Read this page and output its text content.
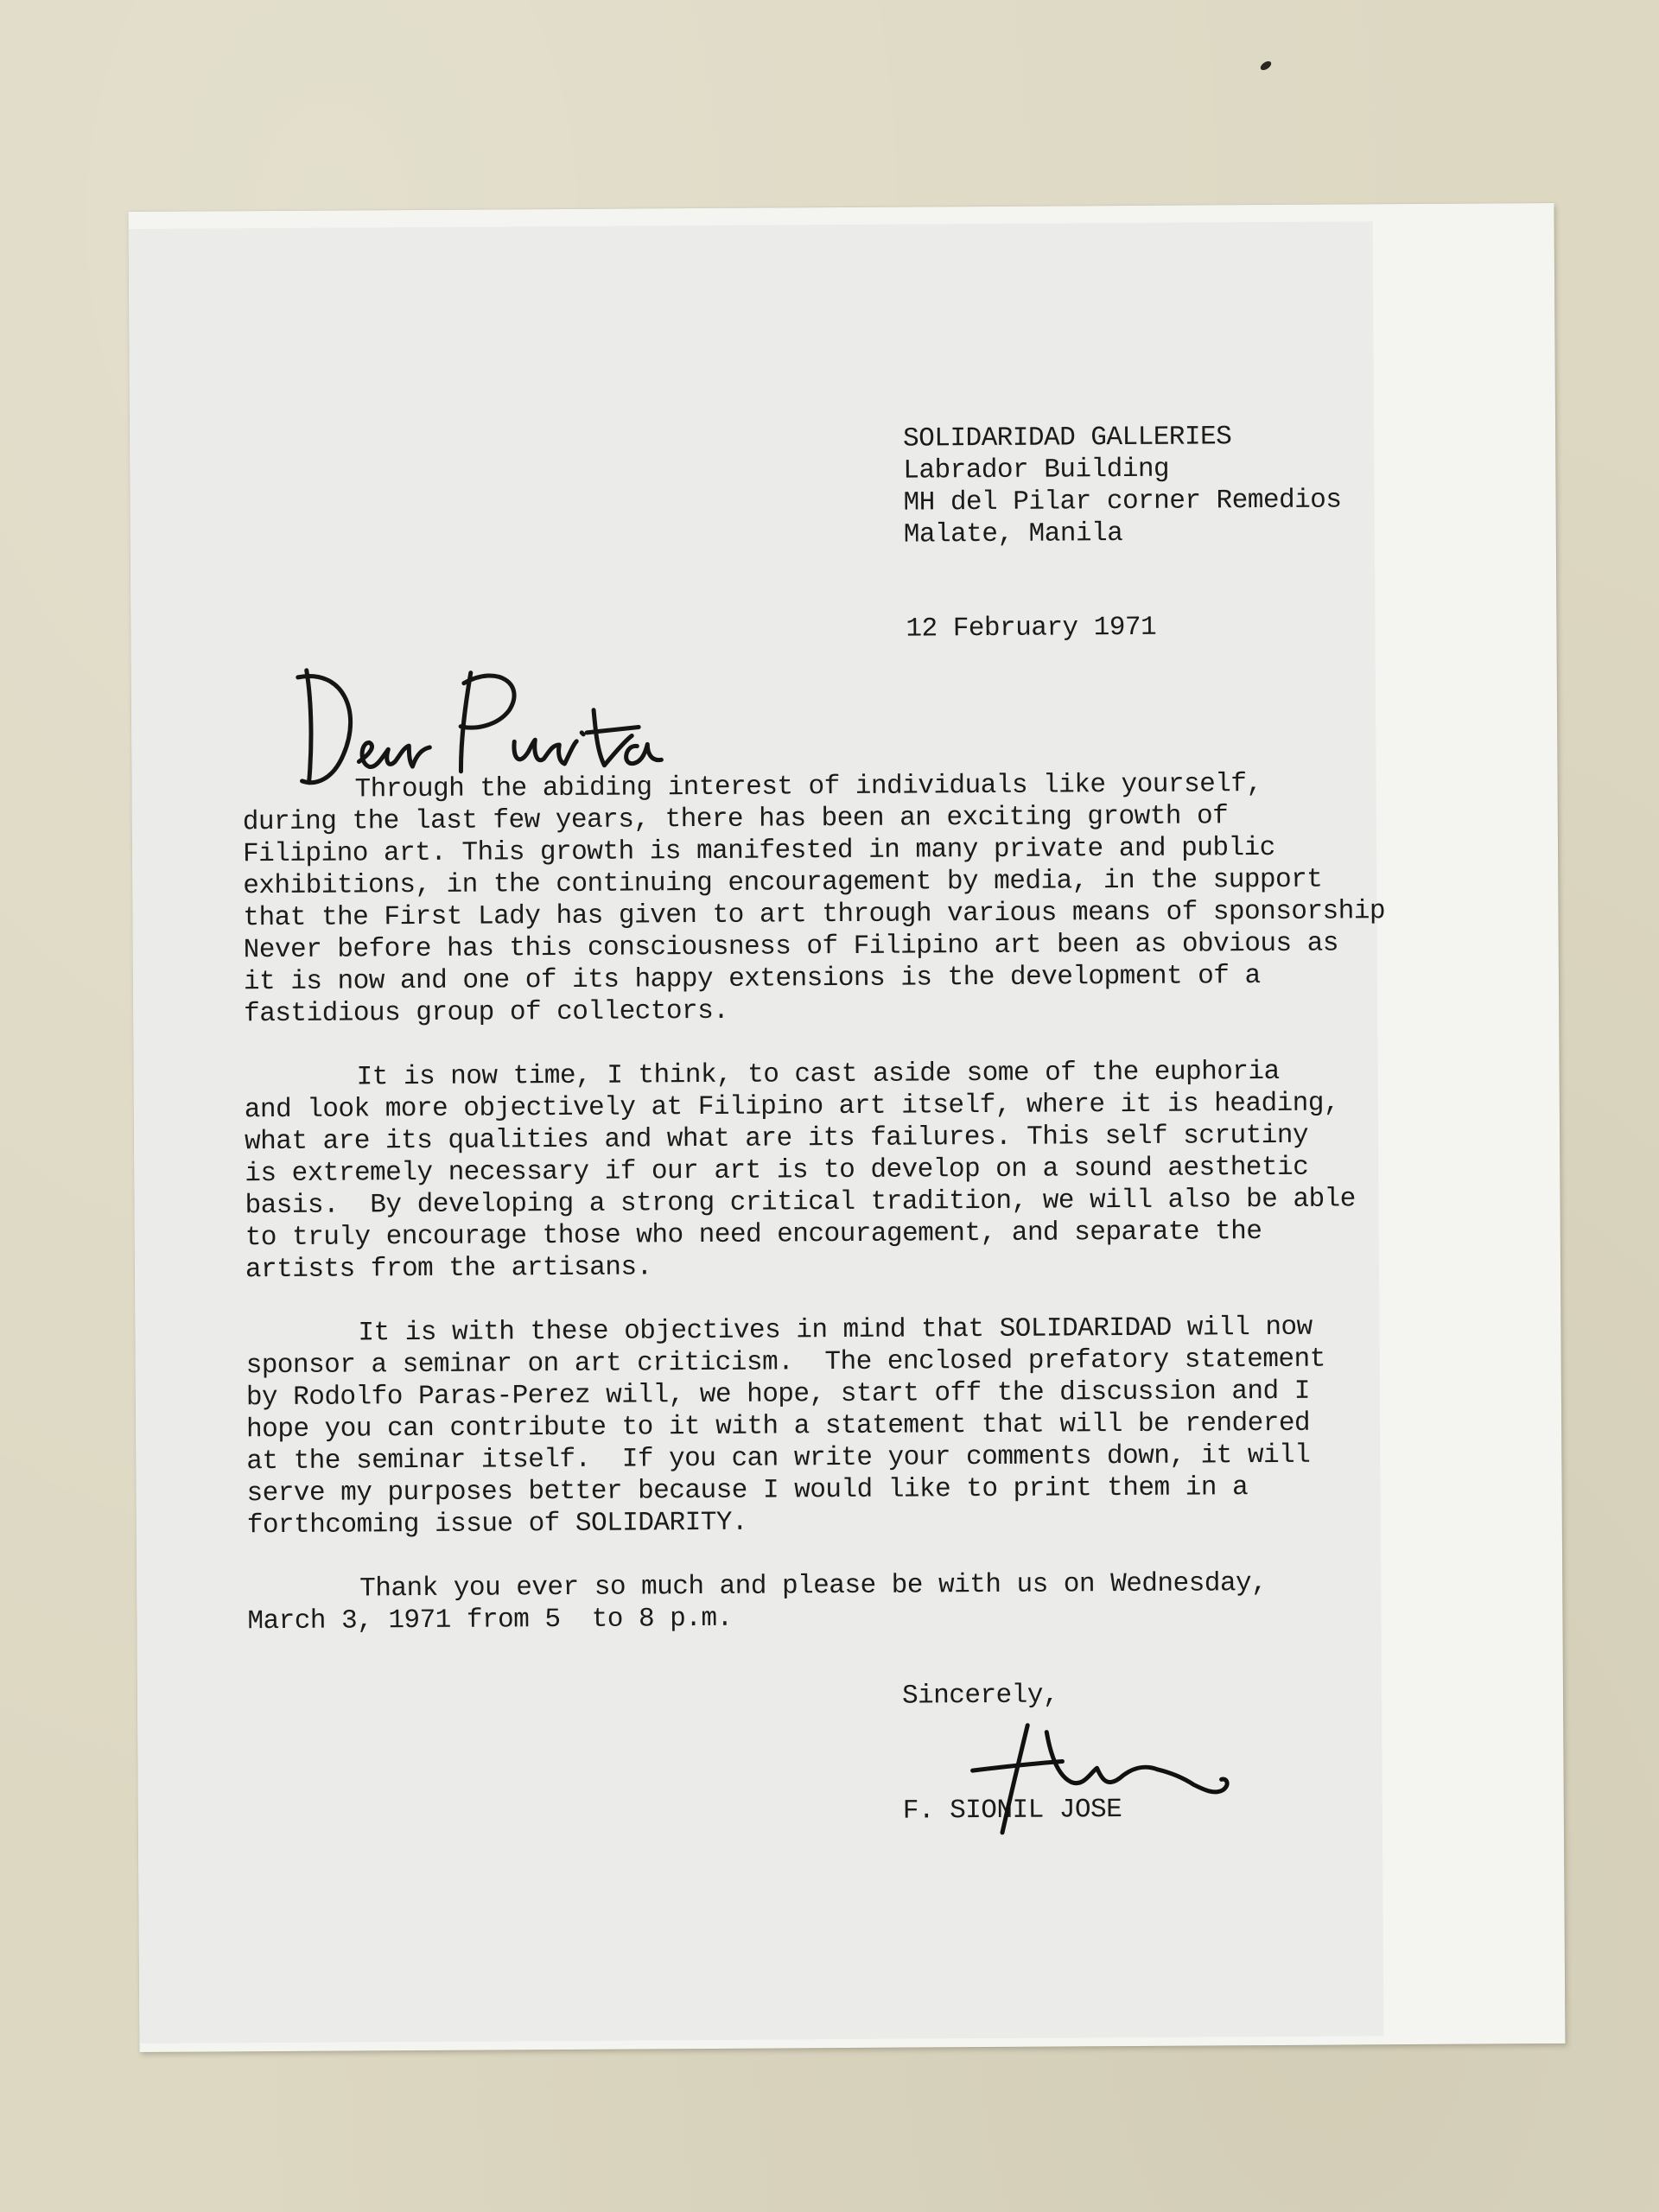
SOLIDARIDAD GALLERIES
Labrador Building
MH del Pilar corner Remedios
Malate, Manila
12 February 1971
Through the abiding interest of individuals like yourself,
during the last few years, there has been an exciting growth of
Filipino art. This growth is manifested in many private and public
exhibitions, in the continuing encouragement by media, in the support
that the First Lady has given to art through various means of sponsorship
Never before has this consciousness of Filipino art been as obvious as
it is now and one of its happy extensions is the development of a
fastidious group of collectors.
It is now time, I think, to cast aside some of the euphoria
and look more objectively at Filipino art itself, where it is heading,
what are its qualities and what are its failures. This self scrutiny
is extremely necessary if our art is to develop on a sound aesthetic
basis.  By developing a strong critical tradition, we will also be able
to truly encourage those who need encouragement, and separate the
artists from the artisans.
It is with these objectives in mind that SOLIDARIDAD will now
sponsor a seminar on art criticism.  The enclosed prefatory statement
by Rodolfo Paras-Perez will, we hope, start off the discussion and I
hope you can contribute to it with a statement that will be rendered
at the seminar itself.  If you can write your comments down, it will
serve my purposes better because I would like to print them in a
forthcoming issue of SOLIDARITY.
Thank you ever so much and please be with us on Wednesday,
March 3, 1971 from 5  to 8 p.m.
Sincerely,
F. SIONIL JOSE
